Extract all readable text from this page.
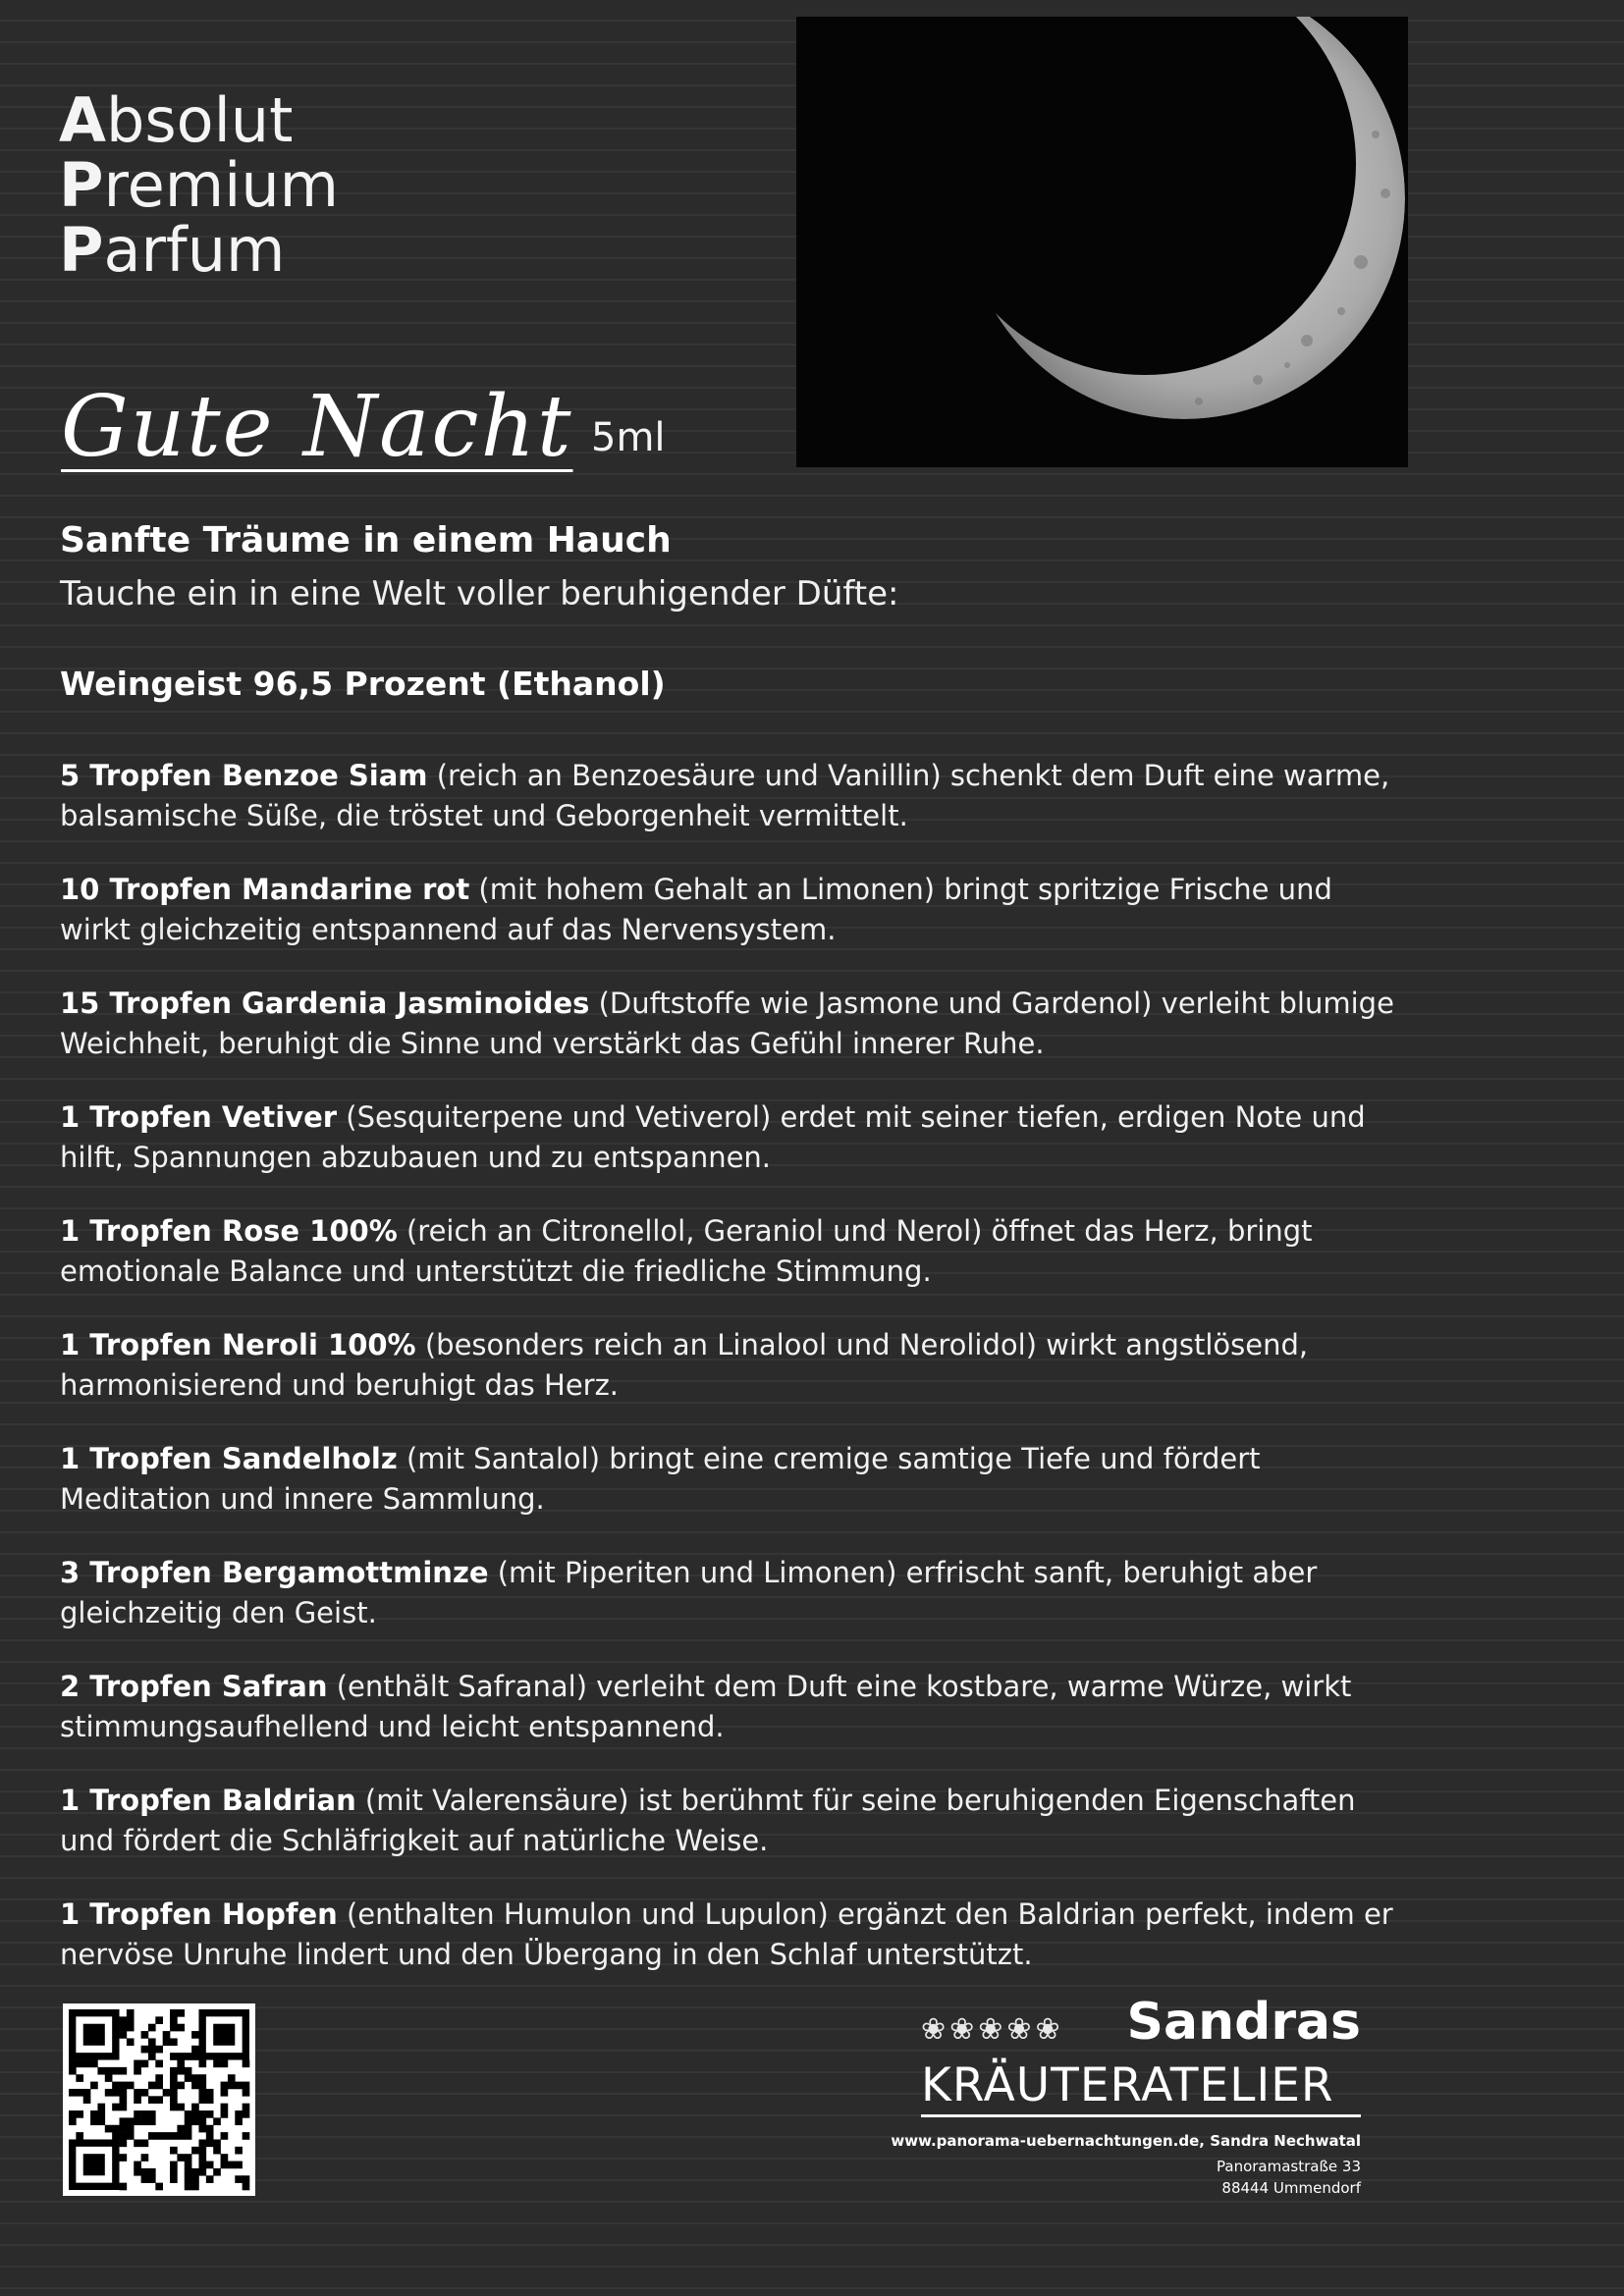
Absolut
Premium
Parfum
Gute Nacht 5ml
Sanfte Träume in einem Hauch
Tauche ein in eine Welt voller beruhigender Düfte:
Weingeist 96,5 Prozent (Ethanol)
5 Tropfen Benzoe Siam (reich an Benzoesäure und Vanillin) schenkt dem Duft eine warme, balsamische Süße, die tröstet und Geborgenheit vermittelt.
10 Tropfen Mandarine rot (mit hohem Gehalt an Limonen) bringt spritzige Frische und wirkt gleichzeitig entspannend auf das Nervensystem.
15 Tropfen Gardenia Jasminoides (Duftstoffe wie Jasmone und Gardenol) verleiht blumige Weichheit, beruhigt die Sinne und verstärkt das Gefühl innerer Ruhe.
1 Tropfen Vetiver (Sesquiterpene und Vetiverol) erdet mit seiner tiefen, erdigen Note und hilft, Spannungen abzubauen und zu entspannen.
1 Tropfen Rose 100% (reich an Citronellol, Geraniol und Nerol) öffnet das Herz, bringt emotionale Balance und unterstützt die friedliche Stimmung.
1 Tropfen Neroli 100% (besonders reich an Linalool und Nerolidol) wirkt angstlösend, harmonisierend und beruhigt das Herz.
1 Tropfen Sandelholz (mit Santalol) bringt eine cremige samtige Tiefe und fördert Meditation und innere Sammlung.
3 Tropfen Bergamottminze (mit Piperiten und Limonen) erfrischt sanft, beruhigt aber gleichzeitig den Geist.
2 Tropfen Safran (enthält Safranal) verleiht dem Duft eine kostbare, warme Würze, wirkt stimmungsaufhellend und leicht entspannend.
1 Tropfen Baldrian (mit Valerensäure) ist berühmt für seine beruhigenden Eigenschaften und fördert die Schläfrigkeit auf natürliche Weise.
1 Tropfen Hopfen (enthalten Humulon und Lupulon) ergänzt den Baldrian perfekt, indem er nervöse Unruhe lindert und den Übergang in den Schlaf unterstützt.
❀❀❀❀❀ Sandras
KRÄUTERATELIER
www.panorama-uebernachtungen.de, Sandra Nechwatal
Panoramastraße 33
88444 Ummendorf
